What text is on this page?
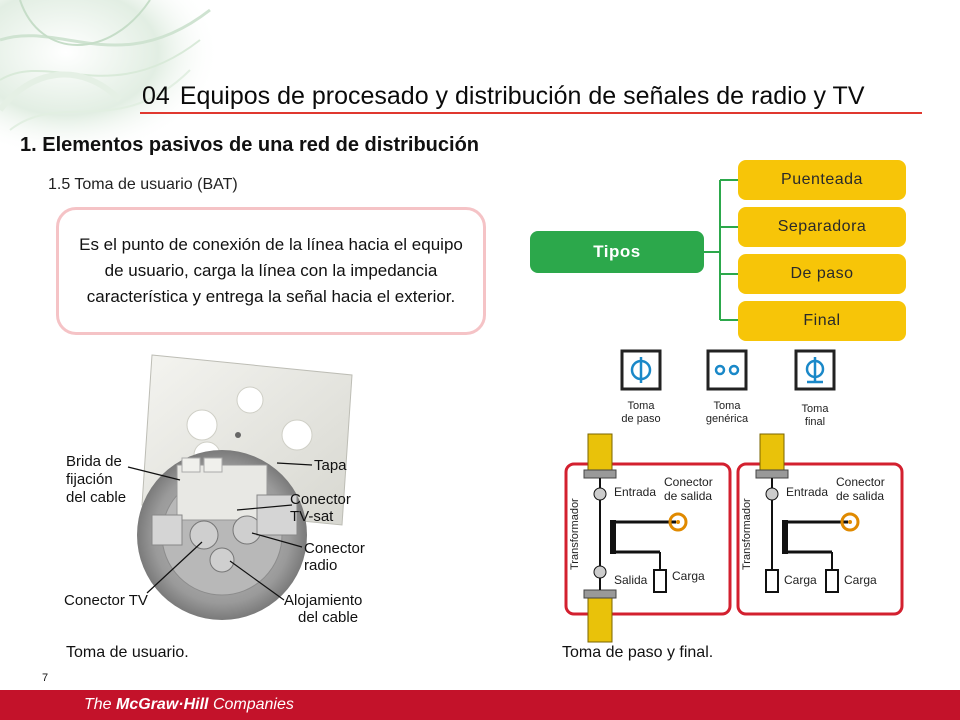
04 Equipos de procesado y distribución de señales de radio y TV
1. Elementos pasivos de una red de distribución
1.5 Toma de usuario (BAT)
Es el punto de conexión de la línea hacia el equipo de usuario, carga la línea con la impedancia característica y entrega la señal hacia el exterior.
Tipos
Puenteada
Separadora
De paso
Final
Brida de
fijación
del cable
Tapa
Conector
TV-sat
Conector
radio
Conector TV	Alojamiento
del cable
Toma
de paso
Toma
genérica
Toma
final
Transformador
Entrada
Conector
de salida
Salida Carga
Transformador
Entrada
Conector
de salida
Carga Carga
Toma de usuario.	Toma de paso y final.
7
The McGraw·Hill Companies
